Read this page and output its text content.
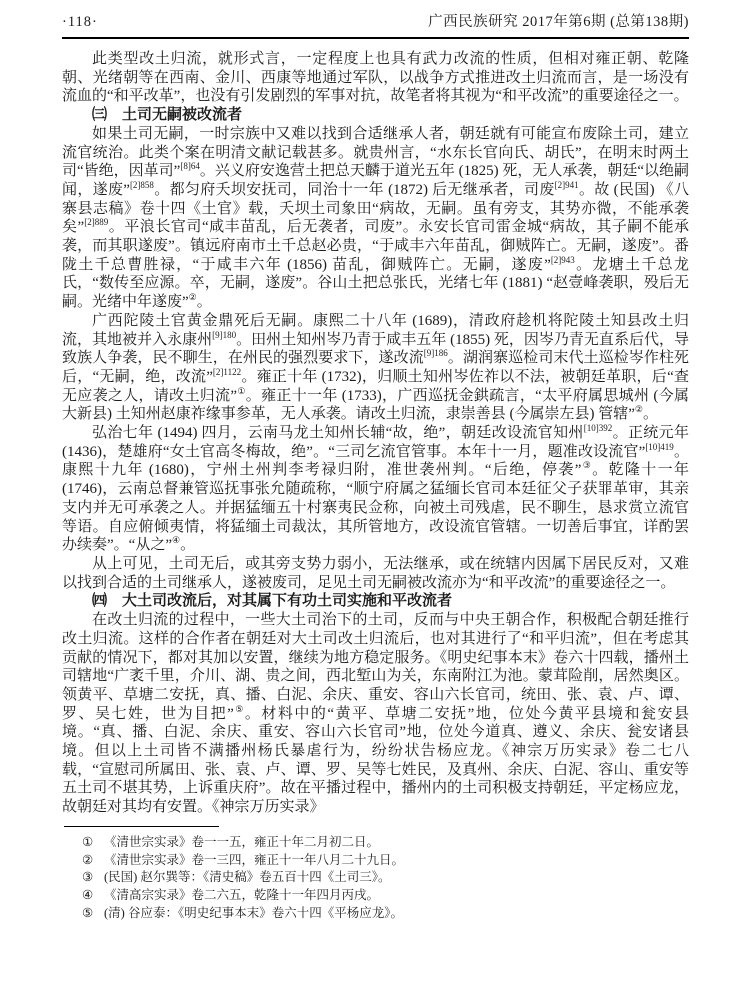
·118·	广西民族研究 2017年第6期 (总第138期)

此类型改土归流，就形式言，一定程度上也具有武力改流的性质，但相对雍正朝、乾隆朝、光绪朝等在西南、金川、西康等地通过军队，以战争方式推进改土归流而言，是一场没有流血的“和平改革”，也没有引发剧烈的军事对抗，故笔者将其视为“和平改流”的重要途径之一。

㈢　土司无嗣被改流者

如果土司无嗣，一时宗族中又难以找到合适继承人者，朝廷就有可能宣布废除土司，建立流官统治。此类个案在明清文献记载甚多。就贵州言，“水东长官向氏、胡氏”，在明末时两土司“皆绝，因革司”$^{[8]64}$。兴义府安逸营土把总天麟于道光五年 (1825) 死，无人承袭，朝廷“以绝嗣闻，遂废”$^{[2]858}$。都匀府夭坝安抚司，同治十一年 (1872) 后无继承者，司废$^{[2]941}$。故 (民国) 《八寨县志稿》卷十四《土官》载，夭坝土司象田“病故，无嗣。虽有旁支，其势亦微，不能承袭矣”$^{[2]889}$。平浪长官司“咸丰苗乱，后无袭者，司废”。永安长官司雷金城“病故，其子嗣不能承袭，而其职遂废”。镇远府南市土千总赵必贵，“于咸丰六年苗乱，御贼阵亡。无嗣，遂废”。番陇土千总曹胜禄，“于咸丰六年 (1856) 苗乱，御贼阵亡。无嗣，遂废”$^{[2]943}$。龙塘土千总龙氏，“数传至应源。卒，无嗣，遂废”。谷山土把总张氏，光绪七年 (1881) “赵壹峰袭职，殁后无嗣。光绪中年遂废”②。

广西陀陵土官黄金鼎死后无嗣。康熙二十八年 (1689)，清政府趁机将陀陵土知县改土归流，其地被并入永康州$^{[9]180}$。田州土知州岑乃青于咸丰五年 (1855) 死，因岑乃青无直系后代，导致族人争袭，民不聊生，在州民的强烈要求下，遂改流$^{[9]186}$。湖润寨巡检司末代土巡检岑作柱死后，“无嗣，绝，改流”$^{[2]1122}$。雍正十年 (1732)，归顺土知州岑佐祚以不法，被朝廷革职，后“查无应袭之人，请改土归流”①。雍正十一年 (1733)，广西巡抚金鉷疏言，“太平府属思城州 (今属大新县) 土知州赵康祚缘事参革，无人承袭。请改土归流，隶崇善县 (今属崇左县) 管辖”②。

弘治七年 (1494) 四月，云南马龙土知州长辅“故，绝”，朝廷改设流官知州$^{[10]392}$。正统元年 (1436)，楚雄府“女土官高冬梅故，绝”。“三司乞流官管事。本年十一月，题准改设流官”$^{[10]419}$。康熙十九年 (1680)，宁州土州判李考禄归附，准世袭州判。“后绝，停袭”③。乾隆十一年 (1746)，云南总督兼管巡抚事张允随疏称，“顺宁府属之猛缅长官司本廷征父子获罪革审，其亲支内并无可承袭之人。并据猛缅五十村寨夷民佥称，向被土司残虐，民不聊生，恳求赏立流官等语。自应俯倾夷情，将猛缅土司裁汰，其所管地方，改设流官管辖。一切善后事宜，详酌罢办续奏”。“从之”④。

从上可见，土司无后，或其旁支势力弱小，无法继承，或在统辖内因属下居民反对，又难以找到合适的土司继承人，遂被废司，足见土司无嗣被改流亦为“和平改流”的重要途径之一。

㈣　大土司改流后，对其属下有功土司实施和平改流者

在改土归流的过程中，一些大土司治下的土司，反而与中央王朝合作，积极配合朝廷推行改土归流。这样的合作者在朝廷对大土司改土归流后，也对其进行了“和平归流”，但在考虑其贡献的情况下，都对其加以安置，继续为地方稳定服务。《明史纪事本末》卷六十四载，播州土司辖地“广袤千里，介川、湖、贵之间，西北堑山为关，东南附江为池。蒙茸险削，居然奥区。领黄平、草塘二安抚，真、播、白泥、余庆、重安、容山六长官司，统田、张、袁、卢、谭、罗、吴七姓，世为目把”⑤。材料中的“黄平、草塘二安抚”地，位处今黄平县境和瓮安县境。“真、播、白泥、余庆、重安、容山六长官司”地，位处今道真、遵义、余庆、瓮安诸县境。但以上土司皆不满播州杨氏暴虐行为，纷纷状告杨应龙。《神宗万历实录》卷二七八载，“宣慰司所属田、张、袁、卢、谭、罗、吴等七姓民，及真州、余庆、白泥、容山、重安等五土司不堪其势，上诉重庆府”。故在平播过程中，播州内的土司积极支持朝廷，平定杨应龙，故朝廷对其均有安置。《神宗万历实录》

① 《清世宗实录》卷一一五，雍正十年二月初二日。
② 《清世宗实录》卷一三四，雍正十一年八月二十九日。
③ (民国) 赵尔巽等：《清史稿》卷五百十四《土司三》。
④ 《清高宗实录》卷二六五，乾隆十一年四月丙戌。
⑤ (清) 谷应泰：《明史纪事本末》卷六十四《平杨应龙》。
